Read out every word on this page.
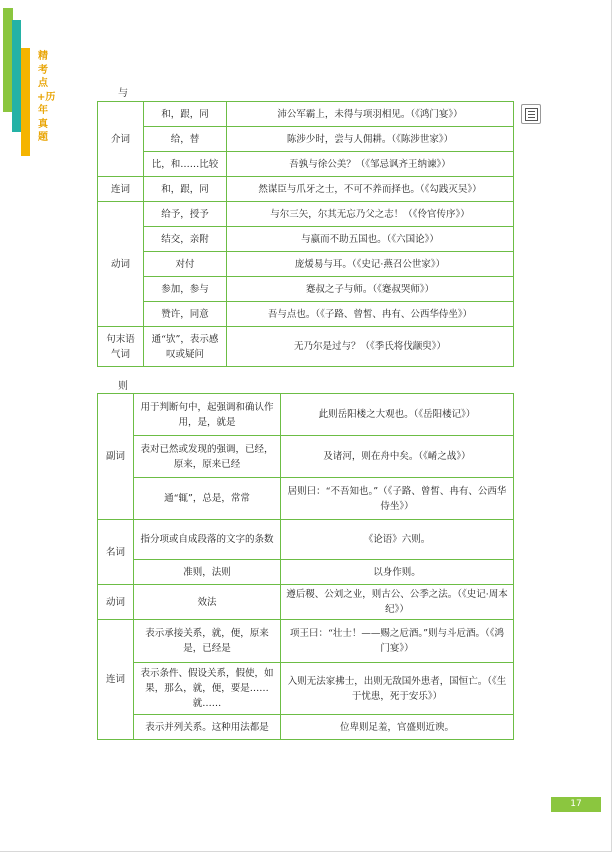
精考点+历年真题
与
介词	和，跟，同	沛公军霸上，未得与项羽相见。（《鸿门宴》）
	给，替	陈涉少时，尝与人佣耕。（《陈涉世家》）
	比，和……比较	吾孰与徐公美？（《邹忌讽齐王纳谏》）
连词	和，跟，同	然谋臣与爪牙之士，不可不养而择也。（《勾践灭吴》）
动词	给予，授予	与尔三矢，尔其无忘乃父之志！（《伶官传序》）
	结交，亲附	与嬴而不助五国也。（《六国论》）
	对付	庞煖易与耳。（《史记·燕召公世家》）
	参加，参与	蹇叔之子与师。（《蹇叔哭师》）
	赞许，同意	吾与点也。（《子路、曾皙、冉有、公西华侍坐》）
句末语气词	通“欤”，表示感叹或疑问	无乃尔是过与？（《季氏将伐颛臾》）
则
副词	用于判断句中，起强调和确认作用，是，就是	此则岳阳楼之大观也。（《岳阳楼记》）
	表对已然或发现的强调，已经，原来，原来已经	及诸河，则在舟中矣。（《崤之战》）
	通“辄”，总是，常常	居则曰：“不吾知也。”（《子路、曾皙、冉有、公西华侍坐》）
名词	指分项或自成段落的文字的条数	《论语》六则。
	准则，法则	以身作则。
动词	效法	遵后稷、公刘之业，则古公、公季之法。（《史记·周本纪》）
连词	表示承接关系，就，便，原来是，已经是	项王曰：“壮士！——赐之卮酒。”则与斗卮酒。（《鸿门宴》）
	表示条件、假设关系，假使，如果，那么，就，便，要是……就……	入则无法家拂士，出则无敌国外患者，国恒亡。（《生于忧患，死于安乐》）
	表示并列关系。这种用法都是	位卑则足羞，官盛则近谀。
17
